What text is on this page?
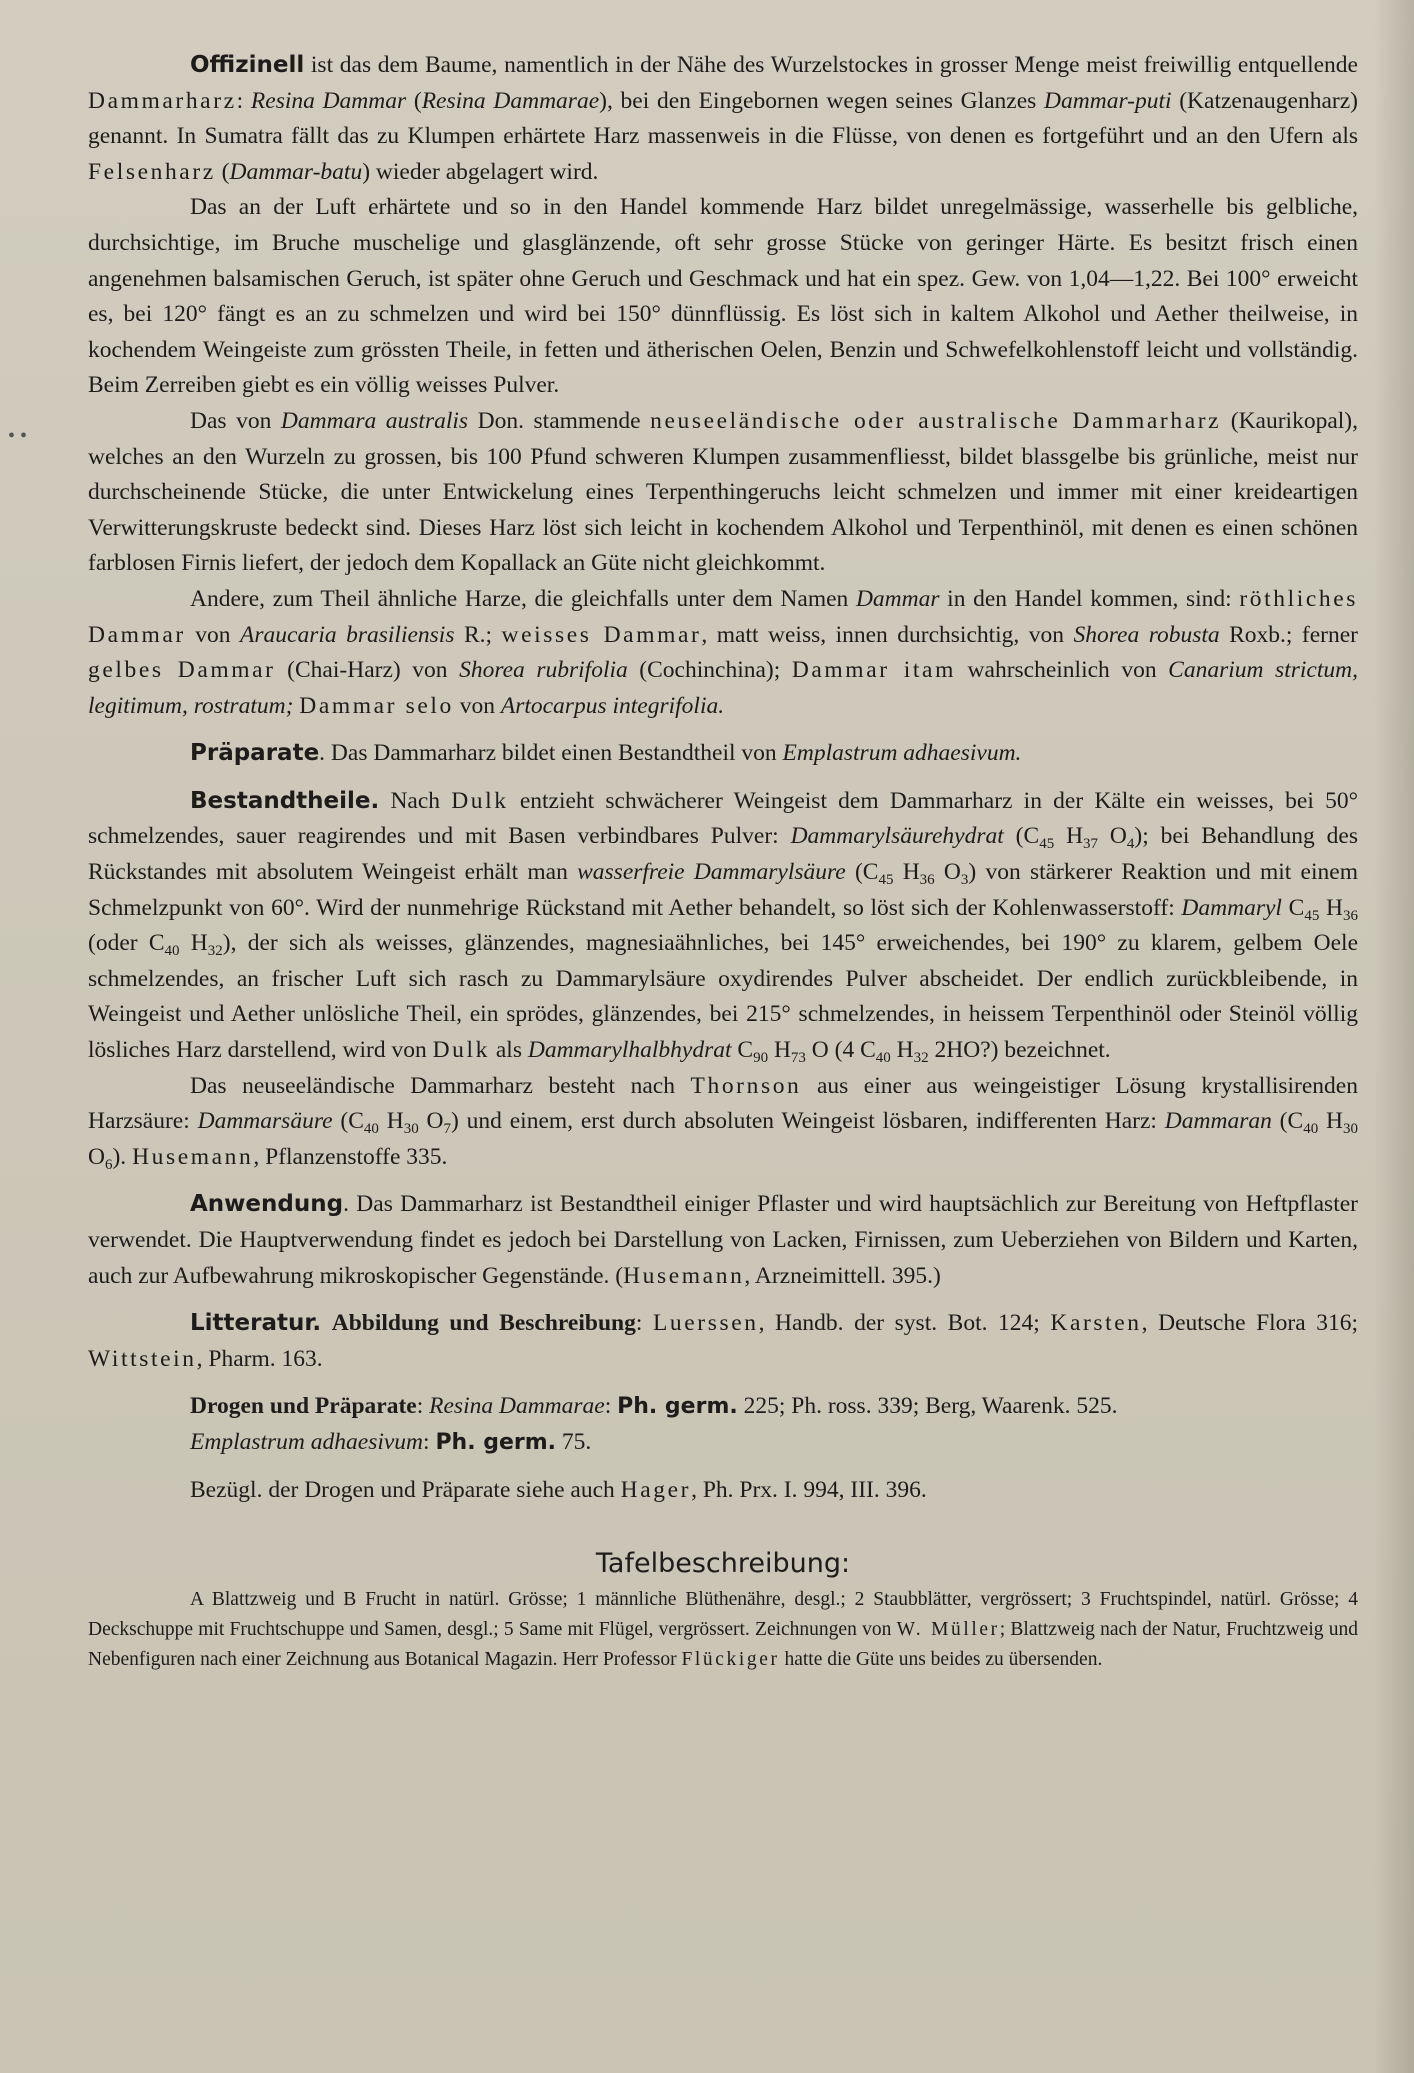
• •

Offizinell ist das dem Baume, namentlich in der Nähe des Wurzelstockes in grosser Menge meist freiwillig entquellende Dammarharz: Resina Dammar (Resina Dammarae), bei den Eingebornen wegen seines Glanzes Dammar-puti (Katzenaugenharz) genannt. In Sumatra fällt das zu Klumpen erhärtete Harz massenweis in die Flüsse, von denen es fortgeführt und an den Ufern als Felsenharz (Dammar-batu) wieder abgelagert wird.

Das an der Luft erhärtete und so in den Handel kommende Harz bildet unregelmässige, wasserhelle bis gelbliche, durchsichtige, im Bruche muschelige und glasglänzende, oft sehr grosse Stücke von geringer Härte. Es besitzt frisch einen angenehmen balsamischen Geruch, ist später ohne Geruch und Geschmack und hat ein spez. Gew. von 1,04—1,22. Bei 100° erweicht es, bei 120° fängt es an zu schmelzen und wird bei 150° dünnflüssig. Es löst sich in kaltem Alkohol und Aether theilweise, in kochendem Weingeiste zum grössten Theile, in fetten und ätherischen Oelen, Benzin und Schwefelkohlenstoff leicht und vollständig. Beim Zerreiben giebt es ein völlig weisses Pulver.

Das von Dammara australis Don. stammende neuseeländische oder australische Dammarharz (Kaurikopal), welches an den Wurzeln zu grossen, bis 100 Pfund schweren Klumpen zusammenfliesst, bildet blassgelbe bis grünliche, meist nur durchscheinende Stücke, die unter Entwickelung eines Terpenthingeruchs leicht schmelzen und immer mit einer kreideartigen Verwitterungskruste bedeckt sind. Dieses Harz löst sich leicht in kochendem Alkohol und Terpenthinöl, mit denen es einen schönen farblosen Firnis liefert, der jedoch dem Kopallack an Güte nicht gleichkommt.

Andere, zum Theil ähnliche Harze, die gleichfalls unter dem Namen Dammar in den Handel kommen, sind: röthliches Dammar von Araucaria brasiliensis R.; weisses Dammar, matt weiss, innen durchsichtig, von Shorea robusta Roxb.; ferner gelbes Dammar (Chai-Harz) von Shorea rubrifolia (Cochinchina); Dammar itam wahrscheinlich von Canarium strictum, legitimum, rostratum; Dammar selo von Artocarpus integrifolia.

Präparate. Das Dammarharz bildet einen Bestandtheil von Emplastrum adhaesivum.

Bestandtheile. Nach Dulk entzieht schwächerer Weingeist dem Dammarharz in der Kälte ein weisses, bei 50° schmelzendes, sauer reagirendes und mit Basen verbindbares Pulver: Dammarylsäurehydrat ($C_{45}$ $H_{37}$ $O_4$); bei Behandlung des Rückstandes mit absolutem Weingeist erhält man wasserfreie Dammarylsäure ($C_{45}$ $H_{36}$ $O_3$) von stärkerer Reaktion und mit einem Schmelzpunkt von 60°. Wird der nunmehrige Rückstand mit Aether behandelt, so löst sich der Kohlenwasserstoff: Dammaryl $C_{45}$ $H_{36}$ (oder $C_{40}$ $H_{32}$), der sich als weisses, glänzendes, magnesiaähnliches, bei 145° erweichendes, bei 190° zu klarem, gelbem Oele schmelzendes, an frischer Luft sich rasch zu Dammarylsäure oxydirendes Pulver abscheidet. Der endlich zurückbleibende, in Weingeist und Aether unlösliche Theil, ein sprödes, glänzendes, bei 215° schmelzendes, in heissem Terpenthinöl oder Steinöl völlig lösliches Harz darstellend, wird von Dulk als Dammarylhalbhydrat $C_{90}$ $H_{73}$ O (4 $C_{40}$ $H_{32}$ 2HO?) bezeichnet.

Das neuseeländische Dammarharz besteht nach Thornson aus einer aus weingeistiger Lösung krystallisirenden Harzsäure: Dammarsäure ($C_{40}$ $H_{30}$ $O_7$) und einem, erst durch absoluten Weingeist lösbaren, indifferenten Harz: Dammaran ($C_{40}$ $H_{30}$ $O_6$). Husemann, Pflanzenstoffe 335.

Anwendung. Das Dammarharz ist Bestandtheil einiger Pflaster und wird hauptsächlich zur Bereitung von Heftpflaster verwendet. Die Hauptverwendung findet es jedoch bei Darstellung von Lacken, Firnissen, zum Ueberziehen von Bildern und Karten, auch zur Aufbewahrung mikroskopischer Gegenstände. (Husemann, Arzneimittell. 395.)

Litteratur. Abbildung und Beschreibung: Luerssen, Handb. der syst. Bot. 124; Karsten, Deutsche Flora 316; Wittstein, Pharm. 163.

Drogen und Präparate: Resina Dammarae: Ph. germ. 225; Ph. ross. 339; Berg, Waarenk. 525.

Emplastrum adhaesivum: Ph. germ. 75.

Bezügl. der Drogen und Präparate siehe auch Hager, Ph. Prx. I. 994, III. 396.

Tafelbeschreibung:

A Blattzweig und B Frucht in natürl. Grösse; 1 männliche Blüthenähre, desgl.; 2 Staubblätter, vergrössert; 3 Fruchtspindel, natürl. Grösse; 4 Deckschuppe mit Fruchtschuppe und Samen, desgl.; 5 Same mit Flügel, vergrössert. Zeichnungen von W. Müller; Blattzweig nach der Natur, Fruchtzweig und Nebenfiguren nach einer Zeichnung aus Botanical Magazin. Herr Professor Flückiger hatte die Güte uns beides zu übersenden.
